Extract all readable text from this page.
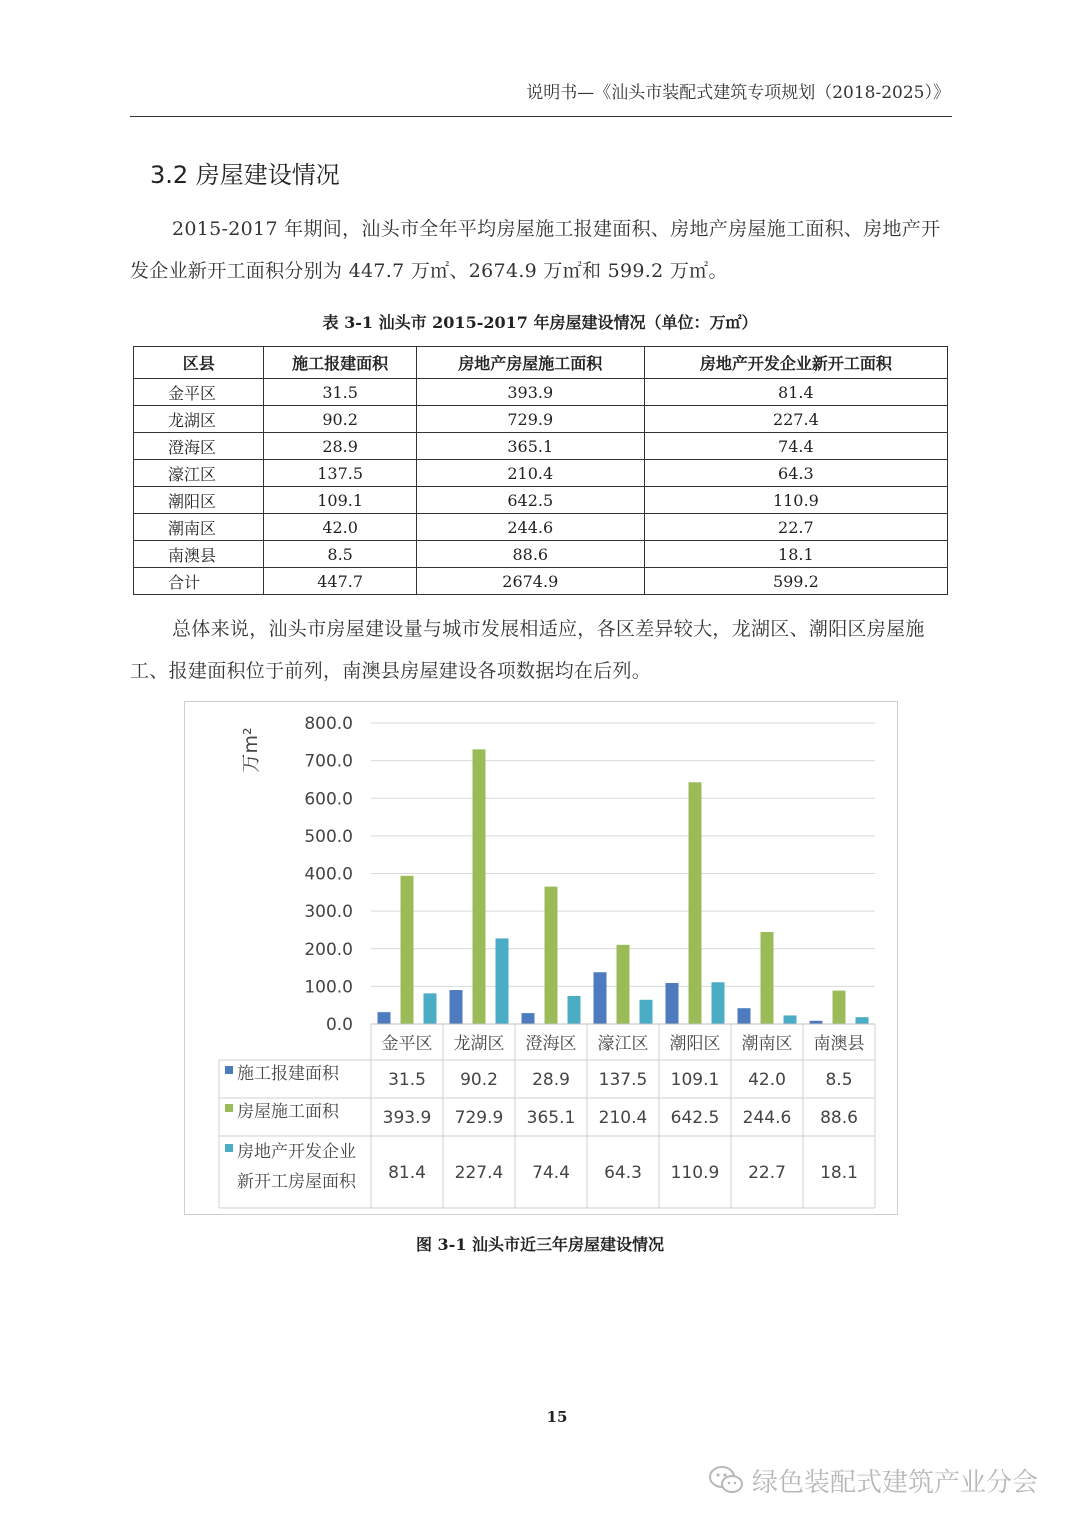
说明书—《汕头市装配式建筑专项规划（2018-2025）》
3.2 房屋建设情况

2015-2017 年期间，汕头市全年平均房屋施工报建面积、房地产房屋施工面积、房地产开发企业新开工面积分别为 447.7 万㎡、2674.9 万㎡和 599.2 万㎡。

表 3-1 汕头市 2015-2017 年房屋建设情况（单位：万㎡）
区县	施工报建面积	房地产房屋施工面积	房地产开发企业新开工面积
金平区	31.5	393.9	81.4
龙湖区	90.2	729.9	227.4
澄海区	28.9	365.1	74.4
濠江区	137.5	210.4	64.3
潮阳区	109.1	642.5	110.9
潮南区	42.0	244.6	22.7
南澳县	8.5	88.6	18.1
合计	447.7	2674.9	599.2

总体来说，汕头市房屋建设量与城市发展相适应，各区差异较大，龙湖区、潮阳区房屋施工、报建面积位于前列，南澳县房屋建设各项数据均在后列。

800.0
700.0
600.0
500.0
400.0
300.0
200.0
100.0
0.0
万m²
金平区 龙湖区 澄海区 濠江区 潮阳区 潮南区 南澳县
施工报建面积	31.5 90.2 28.9 137.5 109.1 42.0 8.5
房屋施工面积	393.9 729.9 365.1 210.4 642.5 244.6 88.6
房地产开发企业
新开工房屋面积 81.4 227.4 74.4 64.3 110.9 22.7 18.1
图 3-1 汕头市近三年房屋建设情况
15
绿色装配式建筑产业分会
